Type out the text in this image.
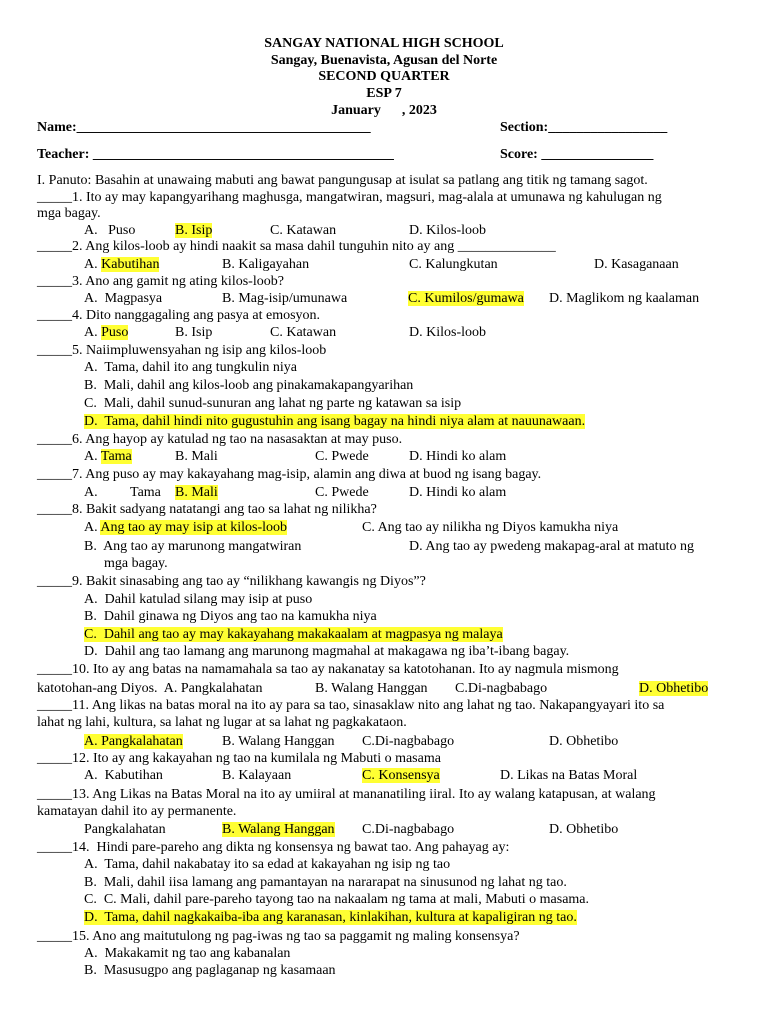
SANGAY NATIONAL HIGH SCHOOL
Sangay, Buenavista, Agusan del Norte
SECOND QUARTER
ESP 7
January      , 2023
Name:__________________________________________	Section:_________________
Teacher: ___________________________________________	Score: ________________
I. Panuto: Basahin at unawaing mabuti ang bawat pangungusap at isulat sa patlang ang titik ng tamang sagot.
_____1. Ito ay may kapangyarihang maghusga, mangatwiran, magsuri, mag-alala at umunawa ng kahulugan ng
mga bagay.
A.   Puso	B. Isip	C. Katawan	D. Kilos-loob
_____2. Ang kilos-loob ay hindi naakit sa masa dahil tunguhin nito ay ang ______________
A. Kabutihan	B. Kaligayahan	C. Kalungkutan	D. Kasaganaan
_____3. Ano ang gamit ng ating kilos-loob?
A.  Magpasya	B. Mag-isip/umunawa	C. Kumilos/gumawa D. Maglikom ng kaalaman
_____4. Dito nanggagaling ang pasya at emosyon.
A. Puso	B. Isip	C. Katawan	D. Kilos-loob
_____5. Naiimpluwensyahan ng isip ang kilos-loob
A.  Tama, dahil ito ang tungkulin niya
B.  Mali, dahil ang kilos-loob ang pinakamakapangyarihan
C.  Mali, dahil sunud-sunuran ang lahat ng parte ng katawan sa isip
D.  Tama, dahil hindi nito gugustuhin ang isang bagay na hindi niya alam at nauunawaan.
_____6. Ang hayop ay katulad ng tao na nasasaktan at may puso.
A. Tama	B. Mali	C. Pwede	D. Hindi ko alam
_____7. Ang puso ay may kakayahang mag-isip, alamin ang diwa at buod ng isang bagay.
A. Tama B. Mali	C. Pwede	D. Hindi ko alam
_____8. Bakit sadyang natatangi ang tao sa lahat ng nilikha?
A. Ang tao ay may isip at kilos-loob	C. Ang tao ay nilikha ng Diyos kamukha niya
B.  Ang tao ay marunong mangatwiran	D. Ang tao ay pwedeng makapag-aral at matuto ng
mga bagay.
_____9. Bakit sinasabing ang tao ay “nilikhang kawangis ng Diyos”?
A.  Dahil katulad silang may isip at puso
B.  Dahil ginawa ng Diyos ang tao na kamukha niya
C.  Dahil ang tao ay may kakayahang makakaalam at magpasya ng malaya
D.  Dahil ang tao lamang ang marunong magmahal at makagawa ng iba’t-ibang bagay.
_____10. Ito ay ang batas na namamahala sa tao ay nakanatay sa katotohanan. Ito ay nagmula mismong
katotohan-ang Diyos.  A. Pangkalahatan	B. Walang Hanggan C.Di-nagbabago	D. Obhetibo
_____11. Ang likas na batas moral na ito ay para sa tao, sinasaklaw nito ang lahat ng tao. Nakapangyayari ito sa
lahat ng lahi, kultura, sa lahat ng lugar at sa lahat ng pagkakataon.
A. Pangkalahatan	B. Walang Hanggan C.Di-nagbabago	D. Obhetibo
_____12. Ito ay ang kakayahan ng tao na kumilala ng Mabuti o masama
A.  Kabutihan	B. Kalayaan	C. Konsensya	D. Likas na Batas Moral
_____13. Ang Likas na Batas Moral na ito ay umiiral at mananatiling iiral. Ito ay walang katapusan, at walang
kamatayan dahil ito ay permanente.
Pangkalahatan	B. Walang Hanggan C.Di-nagbabago	D. Obhetibo
_____14.  Hindi pare-pareho ang dikta ng konsensya ng bawat tao. Ang pahayag ay:
A.  Tama, dahil nakabatay ito sa edad at kakayahan ng isip ng tao
B.  Mali, dahil iisa lamang ang pamantayan na nararapat na sinusunod ng lahat ng tao.
C.  C. Mali, dahil pare-pareho tayong tao na nakaalam ng tama at mali, Mabuti o masama.
D.  Tama, dahil nagkakaiba-iba ang karanasan, kinlakihan, kultura at kapaligiran ng tao.
_____15. Ano ang maitutulong ng pag-iwas ng tao sa paggamit ng maling konsensya?
A.  Makakamit ng tao ang kabanalan
B.  Masusugpo ang paglaganap ng kasamaan
